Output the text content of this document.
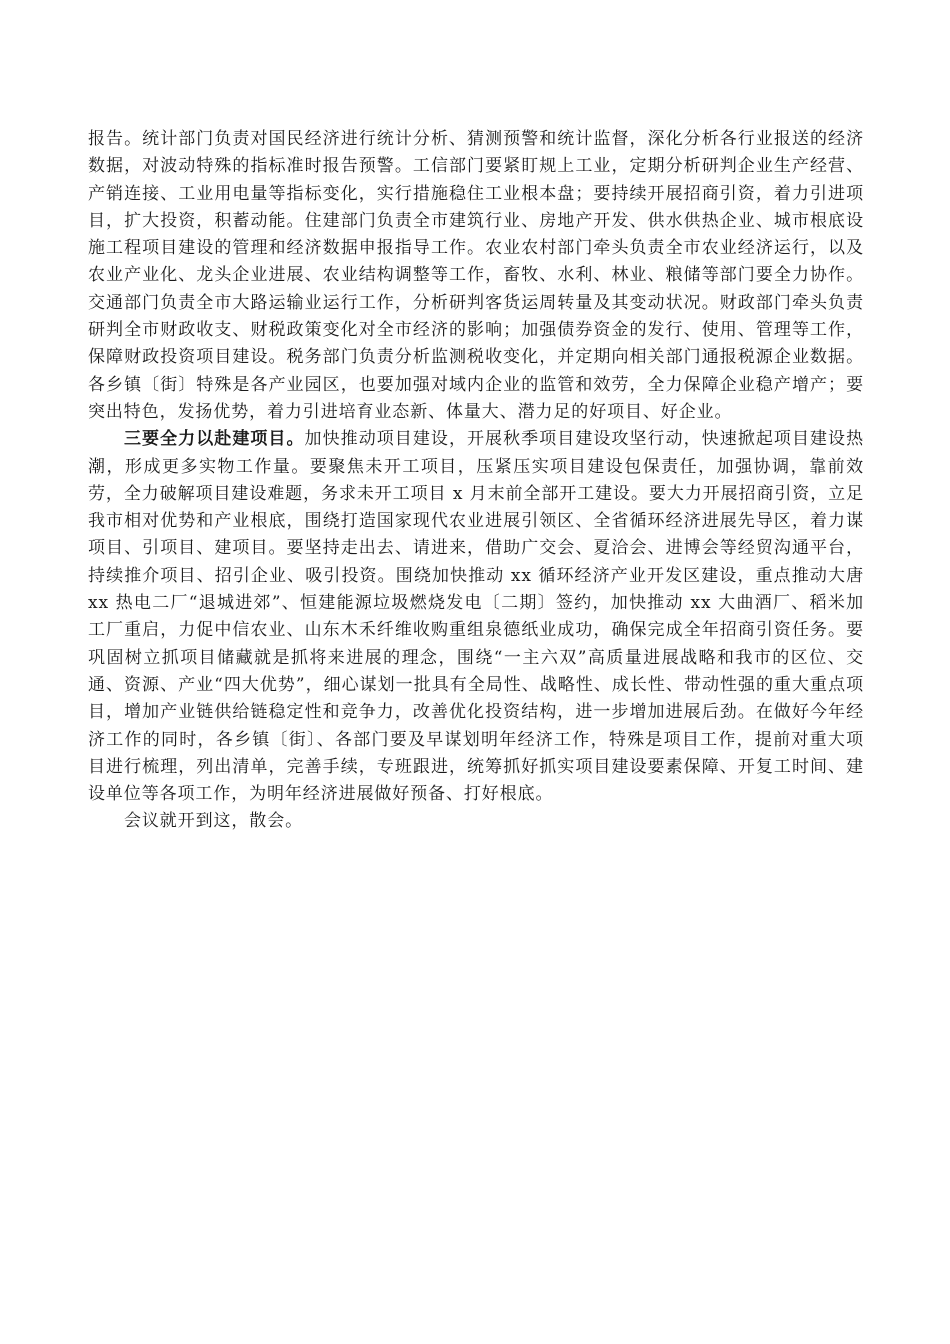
报告。统计部门负责对国民经济进行统计分析、猜测预警和统计监督，深化分析各行业报送的经济数据，对波动特殊的指标准时报告预警。工信部门要紧盯规上工业，定期分析研判企业生产经营、产销连接、工业用电量等指标变化，实行措施稳住工业根本盘；要持续开展招商引资，着力引进项目，扩大投资，积蓄动能。住建部门负责全市建筑行业、房地产开发、供水供热企业、城市根底设施工程项目建设的管理和经济数据申报指导工作。农业农村部门牵头负责全市农业经济运行，以及农业产业化、龙头企业进展、农业结构调整等工作，畜牧、水利、林业、粮储等部门要全力协作。交通部门负责全市大路运输业运行工作，分析研判客货运周转量及其变动状况。财政部门牵头负责研判全市财政收支、财税政策变化对全市经济的影响；加强债券资金的发行、使用、管理等工作，保障财政投资项目建设。税务部门负责分析监测税收变化，并定期向相关部门通报税源企业数据。各乡镇〔街〕特殊是各产业园区，也要加强对域内企业的监管和效劳，全力保障企业稳产增产；要突出特色，发扬优势，着力引进培育业态新、体量大、潜力足的好项目、好企业。

三要全力以赴建项目。加快推动项目建设，开展秋季项目建设攻坚行动，快速掀起项目建设热潮，形成更多实物工作量。要聚焦未开工项目，压紧压实项目建设包保责任，加强协调，靠前效劳，全力破解项目建设难题，务求未开工项目 x 月末前全部开工建设。要大力开展招商引资，立足我市相对优势和产业根底，围绕打造国家现代农业进展引领区、全省循环经济进展先导区，着力谋项目、引项目、建项目。要坚持走出去、请进来，借助广交会、夏洽会、进博会等经贸沟通平台，持续推介项目、招引企业、吸引投资。围绕加快推动 xx 循环经济产业开发区建设，重点推动大唐 xx 热电二厂“退城进郊”、恒建能源垃圾燃烧发电〔二期〕签约，加快推动 xx 大曲酒厂、稻米加工厂重启，力促中信农业、山东木禾纤维收购重组泉德纸业成功，确保完成全年招商引资任务。要巩固树立抓项目储藏就是抓将来进展的理念，围绕“一主六双”高质量进展战略和我市的区位、交通、资源、产业“四大优势”，细心谋划一批具有全局性、战略性、成长性、带动性强的重大重点项目，增加产业链供给链稳定性和竞争力，改善优化投资结构，进一步增加进展后劲。在做好今年经济工作的同时，各乡镇〔街〕、各部门要及早谋划明年经济工作，特殊是项目工作，提前对重大项目进行梳理，列出清单，完善手续，专班跟进，统筹抓好抓实项目建设要素保障、开复工时间、建设单位等各项工作，为明年经济进展做好预备、打好根底。

会议就开到这，散会。
